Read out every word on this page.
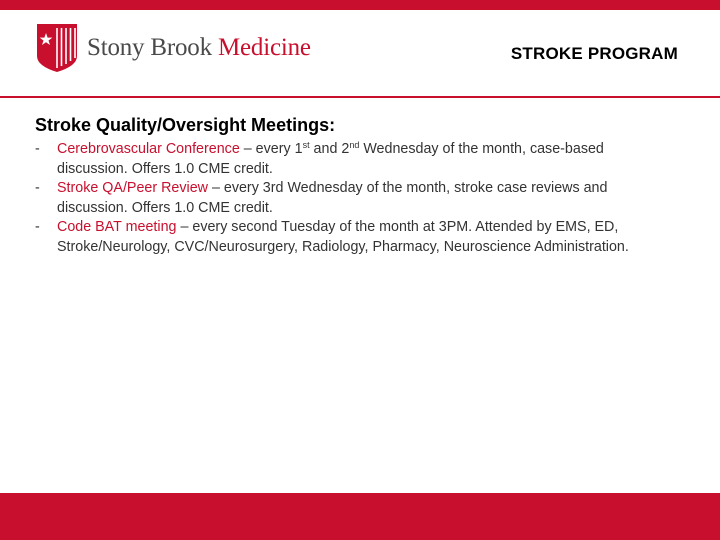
Stony Brook Medicine	STROKE PROGRAM
Stroke Quality/Oversight Meetings:
- Cerebrovascular Conference – every 1st and 2nd Wednesday of the month, case-based discussion. Offers 1.0 CME credit.
- Stroke QA/Peer Review – every 3rd Wednesday of the month, stroke case reviews and discussion. Offers 1.0 CME credit.
- Code BAT meeting – every second Tuesday of the month at 3PM. Attended by EMS, ED, Stroke/Neurology, CVC/Neurosurgery, Radiology, Pharmacy, Neuroscience Administration.
